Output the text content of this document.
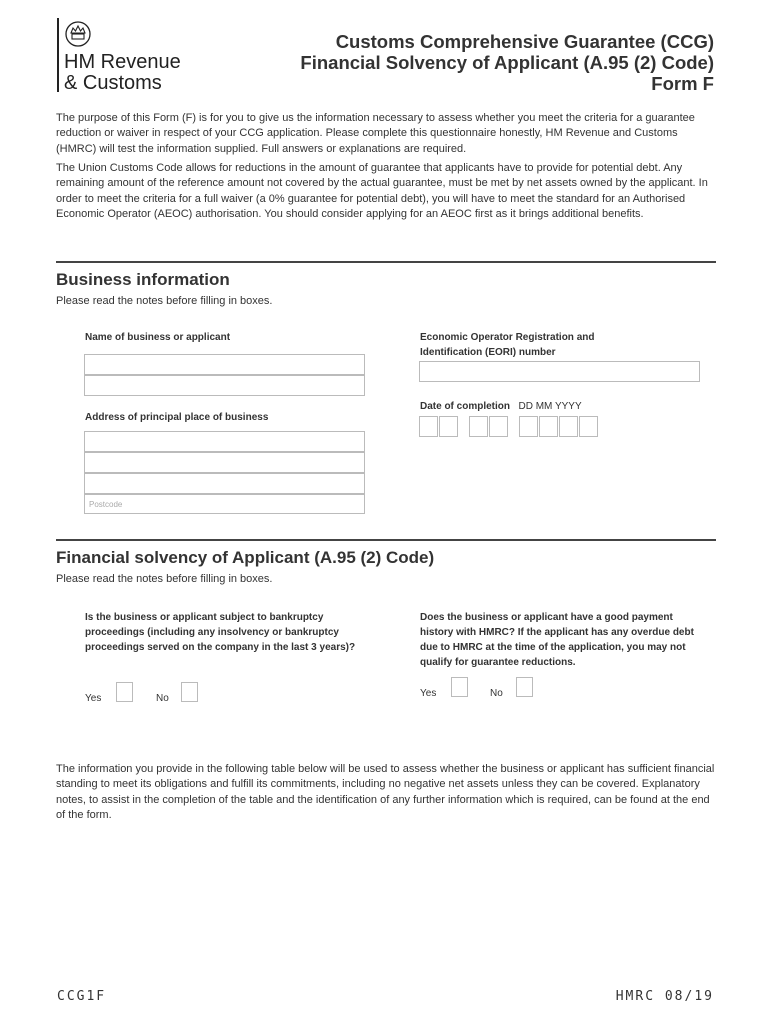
HM Revenue
& Customs
Customs Comprehensive Guarantee (CCG)
Financial Solvency of Applicant (A.95 (2) Code)
Form F
The purpose of this Form (F) is for you to give us the information necessary to assess whether you meet the criteria for a guarantee reduction or waiver in respect of your CCG application. Please complete this questionnaire honestly, HM Revenue and Customs (HMRC) will test the information supplied. Full answers or explanations are required.
The Union Customs Code allows for reductions in the amount of guarantee that applicants have to provide for potential debt. Any remaining amount of the reference amount not covered by the actual guarantee, must be met by net assets owned by the applicant. In order to meet the criteria for a full waiver (a 0% guarantee for potential debt), you will have to meet the standard for an Authorised Economic Operator (AEOC) authorisation. You should consider applying for an AEOC first as it brings additional benefits.
Business information
Please read the notes before filling in boxes.
Name of business or applicant	Economic Operator Registration and Identification (EORI) number
Address of principal place of business
Postcode
Date of completion DD MM YYYY
Financial solvency of Applicant (A.95 (2) Code)
Please read the notes before filling in boxes.
Is the business or applicant subject to bankruptcy proceedings (including any insolvency or bankruptcy proceedings served on the company in the last 3 years)?
Yes	No
Does the business or applicant have a good payment history with HMRC? If the applicant has any overdue debt due to HMRC at the time of the application, you may not qualify for guarantee reductions.
Yes	No
The information you provide in the following table below will be used to assess whether the business or applicant has sufficient financial standing to meet its obligations and fulfill its commitments, including no negative net assets unless they can be covered. Explanatory notes, to assist in the completion of the table and the identification of any further information which is required, can be found at the end of the form.
CCG1F	HMRC 08/19
